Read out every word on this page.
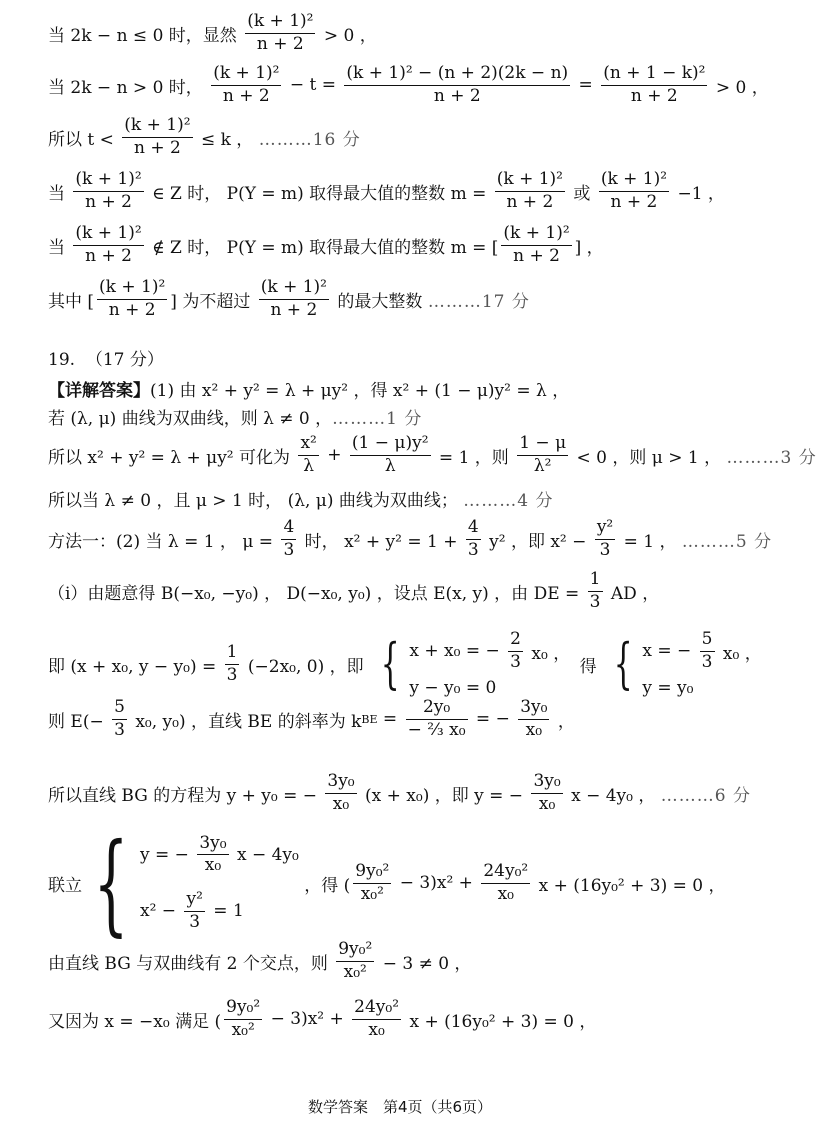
当 2k − n ≤ 0 时，显然 $\frac{\text{(k + 1)²}}{n + 2} > 0$ ，
当 2k − n > 0 时， $\frac{\text{(k + 1)²}}{n + 2} - t = \frac{\text{(k + 1)² − (n + 2)(2k − n)}}{n + 2} = \frac{\text{(n + 1 − k)²}}{n + 2} > 0$ ，
所以 $t < \frac{\text{(k + 1)²}}{n + 2} \le k$ ， ………16 分
当 $\frac{\text{(k + 1)²}}{n + 2}$ ∈ Z 时， P(Y = m) 取得最大值的整数 $m = \frac{\text{(k + 1)²}}{n + 2}$ 或 $\frac{\text{(k + 1)²}}{n + 2} -1$ ，
当 $\frac{\text{(k + 1)²}}{n + 2}$ ∉ Z 时， P(Y = m) 取得最大值的整数 m = [ $\frac{\text{(k + 1)²}}{n + 2}$ ] ，
其中 [ $\frac{\text{(k + 1)²}}{n + 2}$ ] 为不超过 $\frac{\text{(k + 1)²}}{n + 2}$ 的最大整数 ………17 分
19.  （17 分）
【详解答案】 (1) 由 x² + y² = λ + μy² ，得 x² + (1 − μ)y² = λ ，
若 (λ, μ) 曲线为双曲线，则 λ ≠ 0 ， ………1 分
所以 x² + y² = λ + μy² 可化为 $\frac{\text{x²}}{\lambda} + \frac{\text{(1 − μ)y²}}{\lambda} = 1$ ，则 $\frac{1 - \mu}{\text{λ²}} < 0$ ，则 μ > 1 ， ………3 分
所以当 λ ≠ 0 ，且 μ > 1 时， (λ, μ) 曲线为双曲线； ………4 分
方法一：(2) 当 λ = 1 ， $\mu = \frac{4}{3}$ 时， $x^2 + y^2 = 1 + \frac{4}{3} y^2$ ，即 $x^2 - \frac{\text{y²}}{3} = 1$ ， ………5 分
（i）由题意得 B(−x₀, −y₀) ， D(−x₀, y₀) ，设点 E(x, y) ，由 DE = $\frac{1}{3}$ AD ，
即 (x + x₀, $y - y_0) = \frac{1}{3} (-2x_0$, 0) ，即 { x + x₀ = − $\frac{2}{3} x_0$ ，
y − y₀ = 0
得 { x = − $\frac{5}{3} x_0$ ，
y = y₀
则 $E(- \frac{5}{3} x_0$, y₀) ，直线 BE 的斜率为 k BE = $\frac{\text{2y₀}}{\text{− ⅔ x₀}}$ = − $\frac{\text{3y₀}}{\text{x₀}}$ ，
所以直线 BG 的方程为 y + y₀ = − $\frac{\text{3y₀}}{\text{x₀}} (x + x_0)$ ，即 y = − $\frac{\text{3y₀}}{\text{x₀}}$ x − 4y₀ ， ………6 分
联立 { y = − $\frac{\text{3y₀}}{\text{x₀}}$ x − 4y₀
$x^2 - \frac{\text{y²}}{3} = 1$
，得 ( $\frac{\text{9y₀²}}{\text{x₀²}} - 3)x^2 + \frac{\text{24y₀²}}{\text{x₀}}$ x + (16y₀² + 3) = 0 ，
由直线 BG 与双曲线有 2 个交点，则 $\frac{\text{9y₀²}}{\text{x₀²}} - 3 \ne 0$ ，
又因为 x = −x₀ 满足 ( $\frac{\text{9y₀²}}{\text{x₀²}} - 3)x^2 + \frac{\text{24y₀²}}{\text{x₀}}$ x + (16y₀² + 3) = 0 ，
数学答案　第4页（共6页）
